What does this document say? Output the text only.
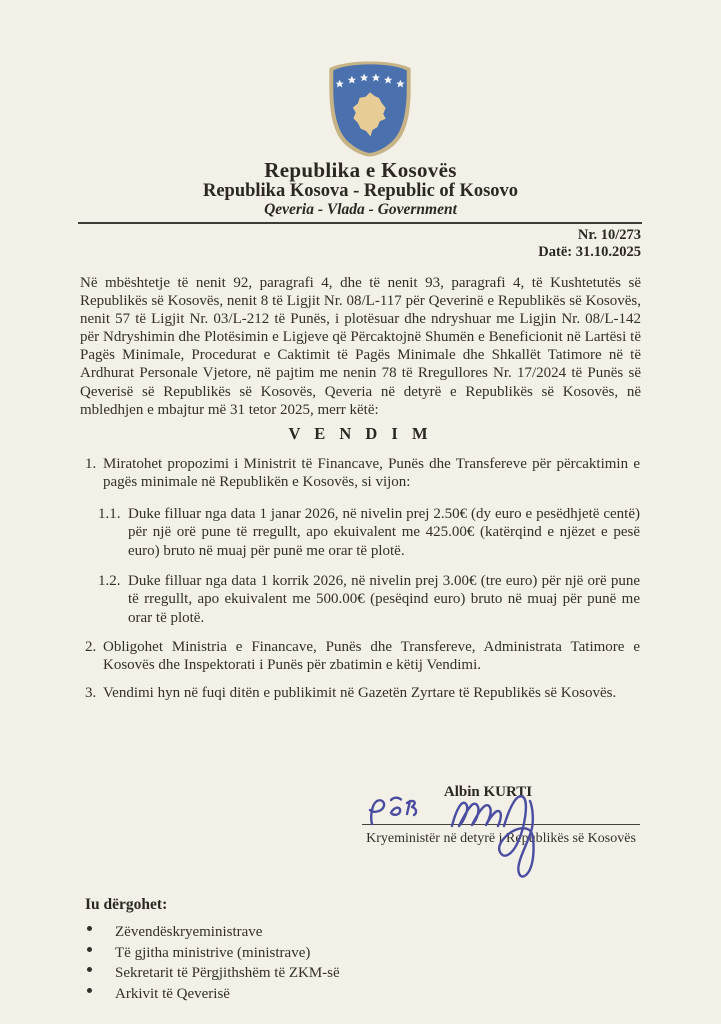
Republika e Kosovës
Republika Kosova - Republic of Kosovo
Qeveria - Vlada - Government
Nr. 10/273
Datë: 31.10.2025
Në mbështetje të nenit 92, paragrafi 4, dhe të nenit 93, paragrafi 4, të Kushtetutës së Republikës së Kosovës, nenit 8 të Ligjit Nr. 08/L-117 për Qeverinë e Republikës së Kosovës, nenit 57 të Ligjit Nr. 03/L-212 të Punës, i plotësuar dhe ndryshuar me Ligjin Nr. 08/L-142 për Ndryshimin dhe Plotësimin e Ligjeve që Përcaktojnë Shumën e Beneficionit në Lartësi të Pagës Minimale, Procedurat e Caktimit të Pagës Minimale dhe Shkallët Tatimore në të Ardhurat Personale Vjetore, në pajtim me nenin 78 të Rregullores Nr. 17/2024 të Punës së Qeverisë së Republikës së Kosovës, Qeveria në detyrë e Republikës së Kosovës, në mbledhjen e mbajtur më 31 tetor 2025, merr këtë:
V E N D I M
1. Miratohet propozimi i Ministrit të Financave, Punës dhe Transfereve për përcaktimin e pagës minimale në Republikën e Kosovës, si vijon:
1.1. Duke filluar nga data 1 janar 2026, në nivelin prej 2.50€ (dy euro e pesëdhjetë centë) për një orë pune të rregullt, apo ekuivalent me 425.00€ (katërqind e njëzet e pesë euro) bruto në muaj për punë me orar të plotë.
1.2. Duke filluar nga data 1 korrik 2026, në nivelin prej 3.00€ (tre euro) për një orë pune të rregullt, apo ekuivalent me 500.00€ (pesëqind euro) bruto në muaj për punë me orar të plotë.
2. Obligohet Ministria e Financave, Punës dhe Transfereve, Administrata Tatimore e Kosovës dhe Inspektorati i Punës për zbatimin e këtij Vendimi.
3. Vendimi hyn në fuqi ditën e publikimit në Gazetën Zyrtare të Republikës së Kosovës.
Albin KURTI
Kryeministër në detyrë i Republikës së Kosovës
Iu dërgohet:
Zëvendëskryeministrave
Të gjitha ministrive (ministrave)
Sekretarit të Përgjithshëm të ZKM-së
Arkivit të Qeverisë
